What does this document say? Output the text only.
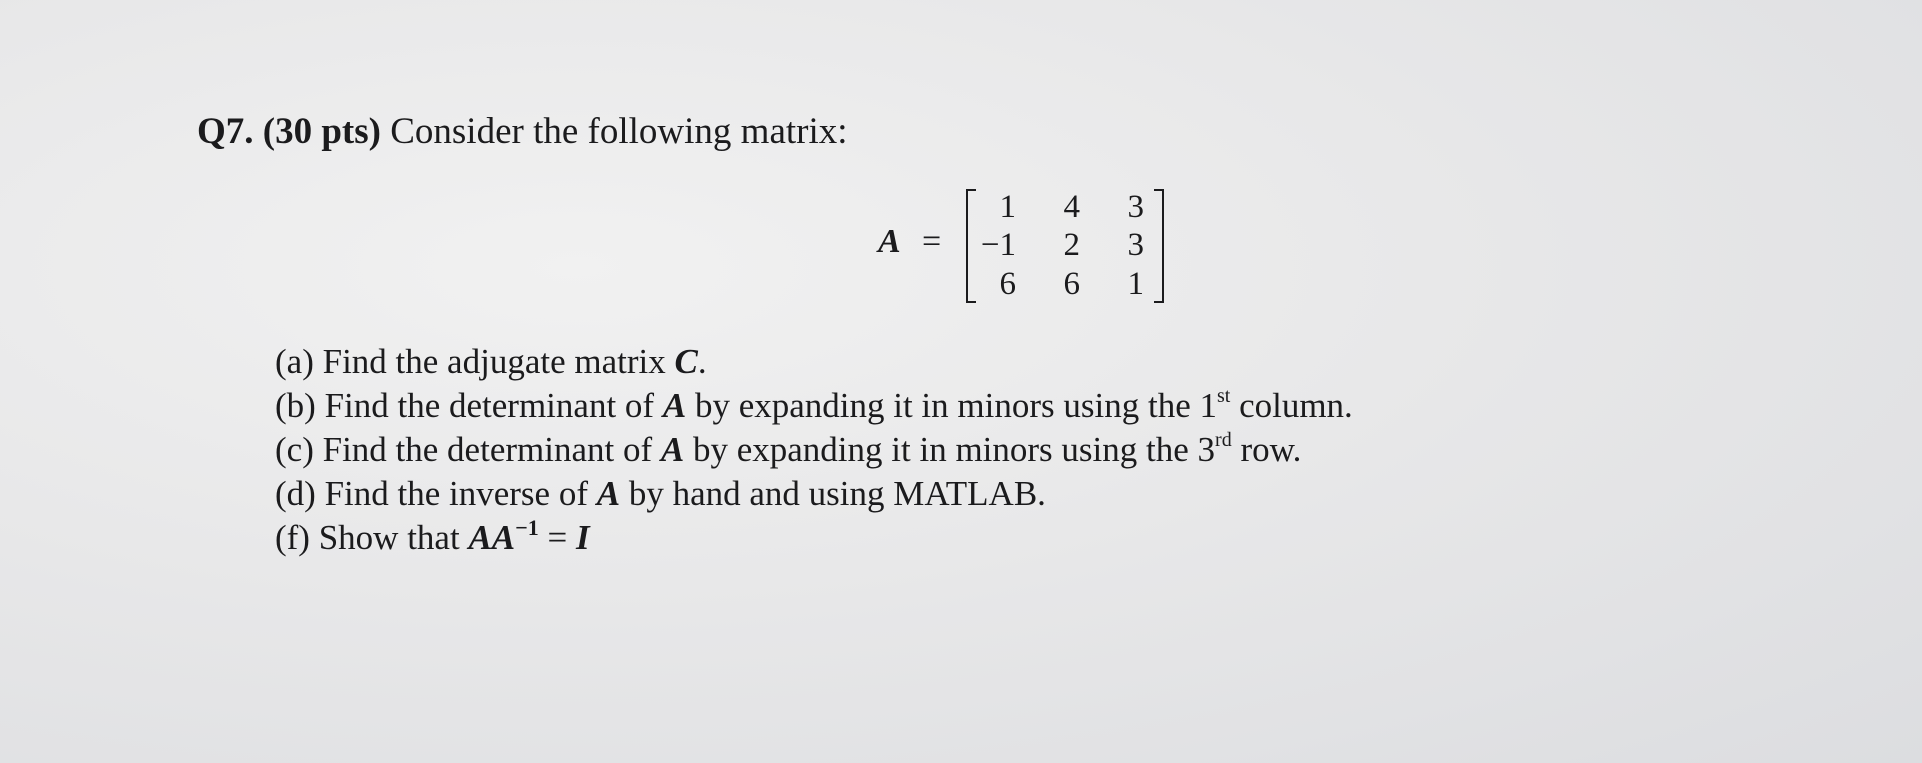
Q7. (30 pts) Consider the following matrix:
A =
1 4 3
−1 2 3
6 6 1
(a) Find the adjugate matrix C.
(b) Find the determinant of A by expanding it in minors using the 1st column.
(c) Find the determinant of A by expanding it in minors using the 3rd row.
(d) Find the inverse of A by hand and using MATLAB.
(f) Show that $AA^{-1} = I$
